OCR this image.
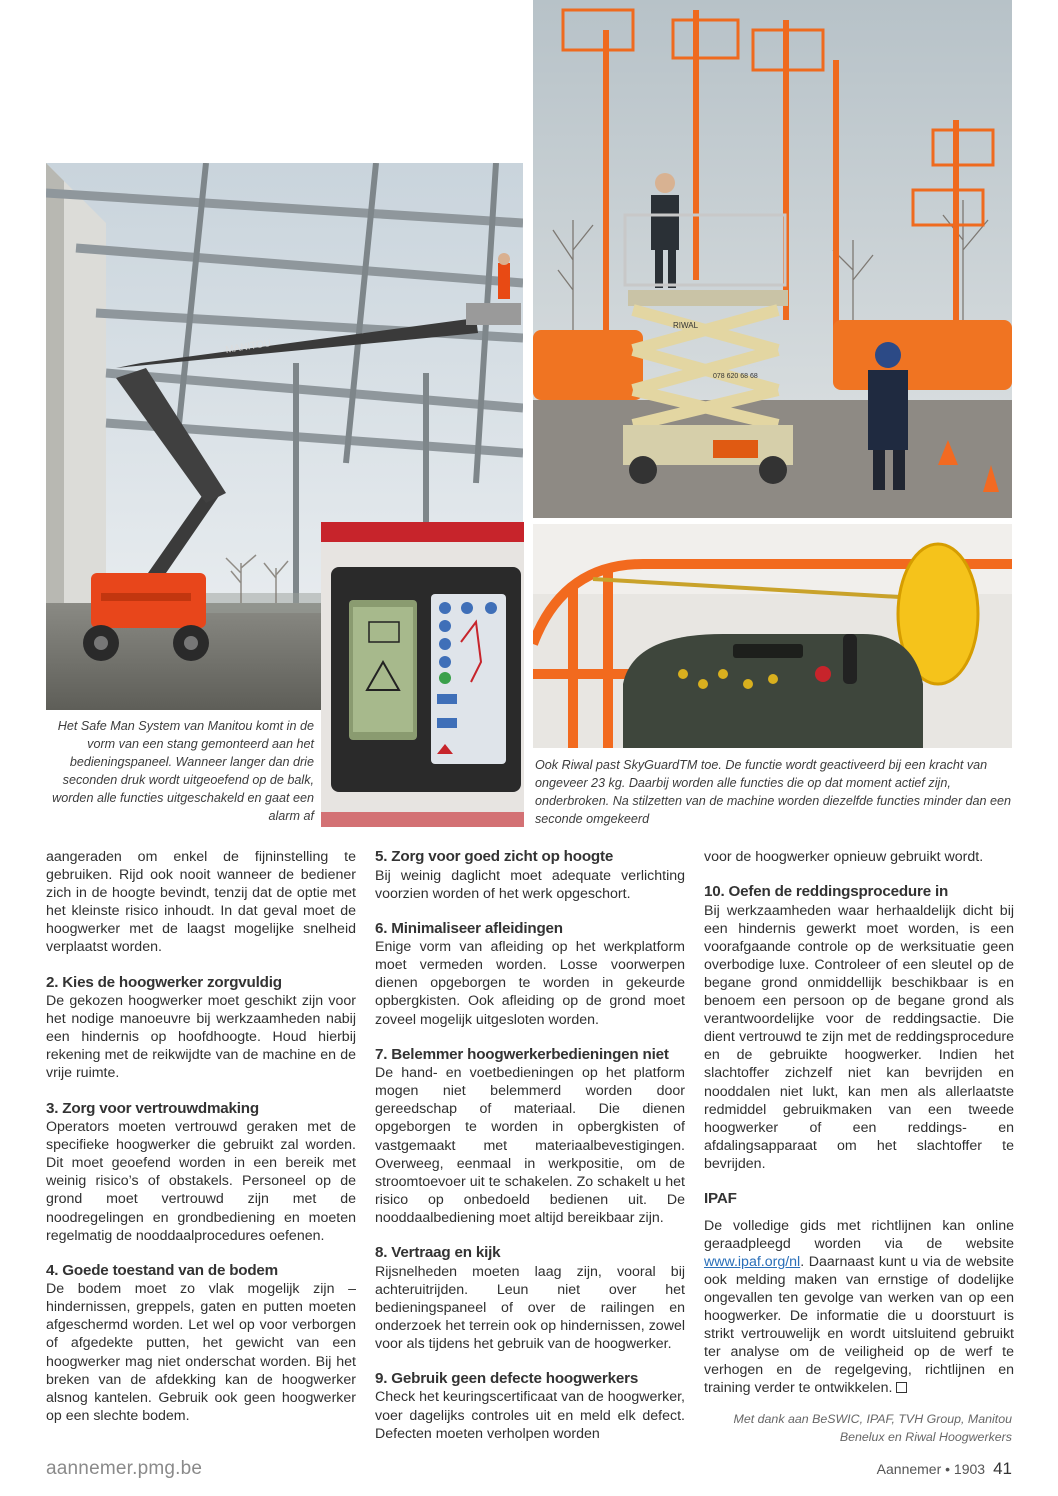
MANITOU
RIWAL
078 620 68 68
Het Safe Man System van Manitou komt in de vorm van een stang gemonteerd aan het bedieningspaneel. Wanneer langer dan drie seconden druk wordt uitgeoefend op de balk, worden alle functies uitgeschakeld en gaat een alarm af
Ook Riwal past SkyGuardTM toe. De functie wordt geactiveerd bij een kracht van ongeveer 23 kg. Daarbij worden alle functies die op dat moment actief zijn, onderbroken. Na stilzetten van de machine worden diezelfde functies minder dan een seconde omgekeerd

aangeraden om enkel de fijninstelling te gebruiken. Rijd ook nooit wanneer de bediener zich in de hoogte bevindt, tenzij dat de optie met het kleinste risico inhoudt. In dat geval moet de hoogwerker met de laagst mogelijke snelheid verplaatst worden.

2. Kies de hoogwerker zorgvuldig

De gekozen hoogwerker moet geschikt zijn voor het nodige manoeuvre bij werkzaamheden nabij een hindernis op hoofdhoogte. Houd hierbij rekening met de reikwijdte van de machine en de vrije ruimte.

3. Zorg voor vertrouwdmaking

Operators moeten vertrouwd geraken met de specifieke hoogwerker die gebruikt zal worden. Dit moet geoefend worden in een bereik met weinig risico’s of obstakels. Personeel op de grond moet vertrouwd zijn met de noodregelingen en grondbediening en moeten regelmatig de nooddaalprocedures oefenen.

4. Goede toestand van de bodem

De bodem moet zo vlak mogelijk zijn – hindernissen, greppels, gaten en putten moeten afgeschermd worden. Let wel op voor verborgen of afgedekte putten, het gewicht van een hoogwerker mag niet onderschat worden. Bij het breken van de afdekking kan de hoogwerker alsnog kantelen. Gebruik ook geen hoogwerker op een slechte bodem.

5. Zorg voor goed zicht op hoogte

Bij weinig daglicht moet adequate verlichting voorzien worden of het werk opgeschort.

6. Minimaliseer afleidingen

Enige vorm van afleiding op het werkplatform moet vermeden worden. Losse voorwerpen dienen opgeborgen te worden in gekeurde opbergkisten. Ook afleiding op de grond moet zoveel mogelijk uitgesloten worden.

7. Belemmer hoogwerkerbedieningen niet

De hand- en voetbedieningen op het platform mogen niet belemmerd worden door gereedschap of materiaal. Die dienen opgeborgen te worden in opbergkisten of vastgemaakt met materiaalbevestigingen. Overweeg, eenmaal in werkpositie, om de stroomtoevoer uit te schakelen. Zo schakelt u het risico op onbedoeld bedienen uit. De nooddaalbediening moet altijd bereikbaar zijn.

8. Vertraag en kijk

Rijsnelheden moeten laag zijn, vooral bij achteruitrijden. Leun niet over het bedieningspaneel of over de railingen en onderzoek het terrein ook op hindernissen, zowel voor als tijdens het gebruik van de hoogwerker.

9. Gebruik geen defecte hoogwerkers

Check het keuringscertificaat van de hoogwerker, voer dagelijks controles uit en meld elk defect. Defecten moeten verholpen worden

voor de hoogwerker opnieuw gebruikt wordt.

10. Oefen de reddingsprocedure in

Bij werkzaamheden waar herhaaldelijk dicht bij een hindernis gewerkt moet worden, is een voorafgaande controle op de werksituatie geen overbodige luxe. Controleer of een sleutel op de begane grond onmiddellijk beschikbaar is en benoem een persoon op de begane grond als verantwoordelijke voor de reddingsactie. Die dient vertrouwd te zijn met de reddingsprocedure en de gebruikte hoogwerker. Indien het slachtoffer zichzelf niet kan bevrijden en nooddalen niet lukt, kan men als allerlaatste redmiddel gebruikmaken van een tweede hoogwerker of een reddings- en afdalingsapparaat om het slachtoffer te bevrijden.

IPAF

De volledige gids met richtlijnen kan online geraadpleegd worden via de website www.ipaf.org/nl. Daarnaast kunt u via de website ook melding maken van ernstige of dodelijke ongevallen ten gevolge van werken van op een hoogwerker. De informatie die u doorstuurt is strikt vertrouwelijk en wordt uitsluitend gebruikt ter analyse om de veiligheid op de werf te verhogen en de regelgeving, richtlijnen en training verder te ontwikkelen.

Met dank aan BeSWIC, IPAF, TVH Group, Manitou Benelux en Riwal Hoogwerkers
aannemer.pmg.be	Aannemer • 1903 41
